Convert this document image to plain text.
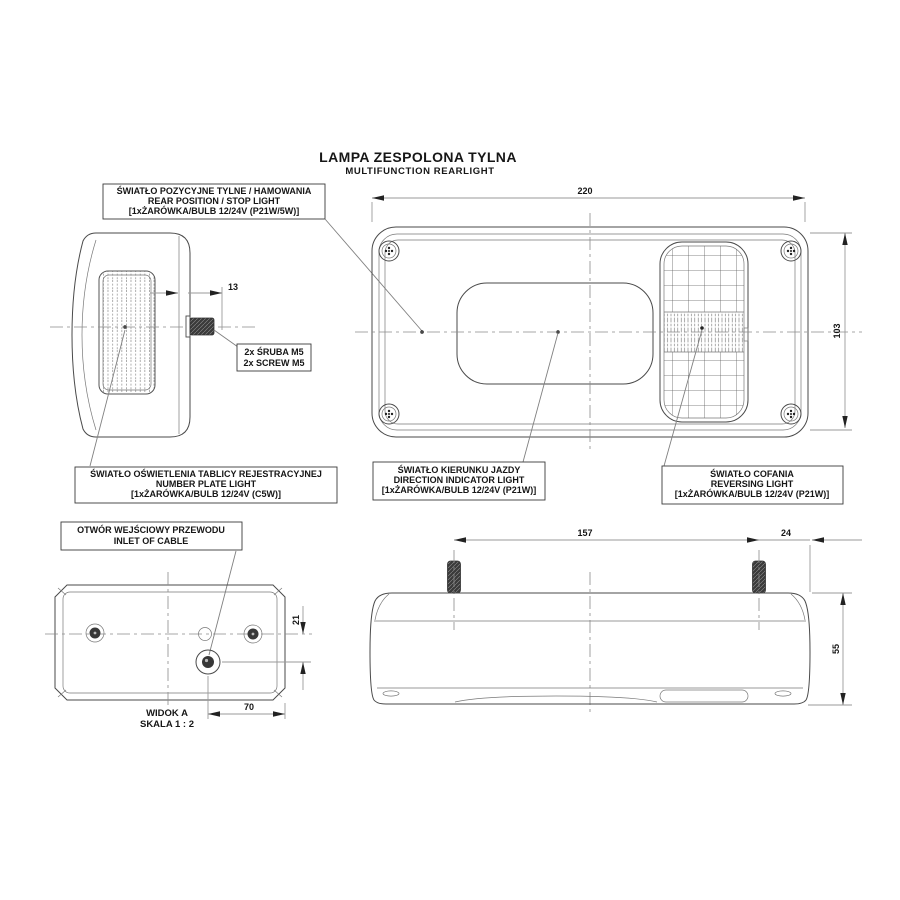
LAMPA ZESPOLONA TYLNA
MULTIFUNCTION REARLIGHT
ŚWIATŁO POZYCYJNE TYLNE / HAMOWANIA
REAR POSITION / STOP LIGHT
[1xŻARÓWKA/BULB 12/24V (P21W/5W)]
13
2x ŚRUBA M5
2x SCREW M5
220
103
ŚWIATŁO OŚWIETLENIA TABLICY REJESTRACYJNEJ
NUMBER PLATE LIGHT
[1xŻARÓWKA/BULB 12/24V (C5W)]
ŚWIATŁO KIERUNKU JAZDY
DIRECTION INDICATOR LIGHT
[1xŻARÓWKA/BULB 12/24V (P21W)]
ŚWIATŁO COFANIA
REVERSING LIGHT
[1xŻARÓWKA/BULB 12/24V (P21W)]
OTWÓR WEJŚCIOWY PRZEWODU
INLET OF CABLE
21
70
WIDOK A
SKALA 1 : 2
157	24
55
